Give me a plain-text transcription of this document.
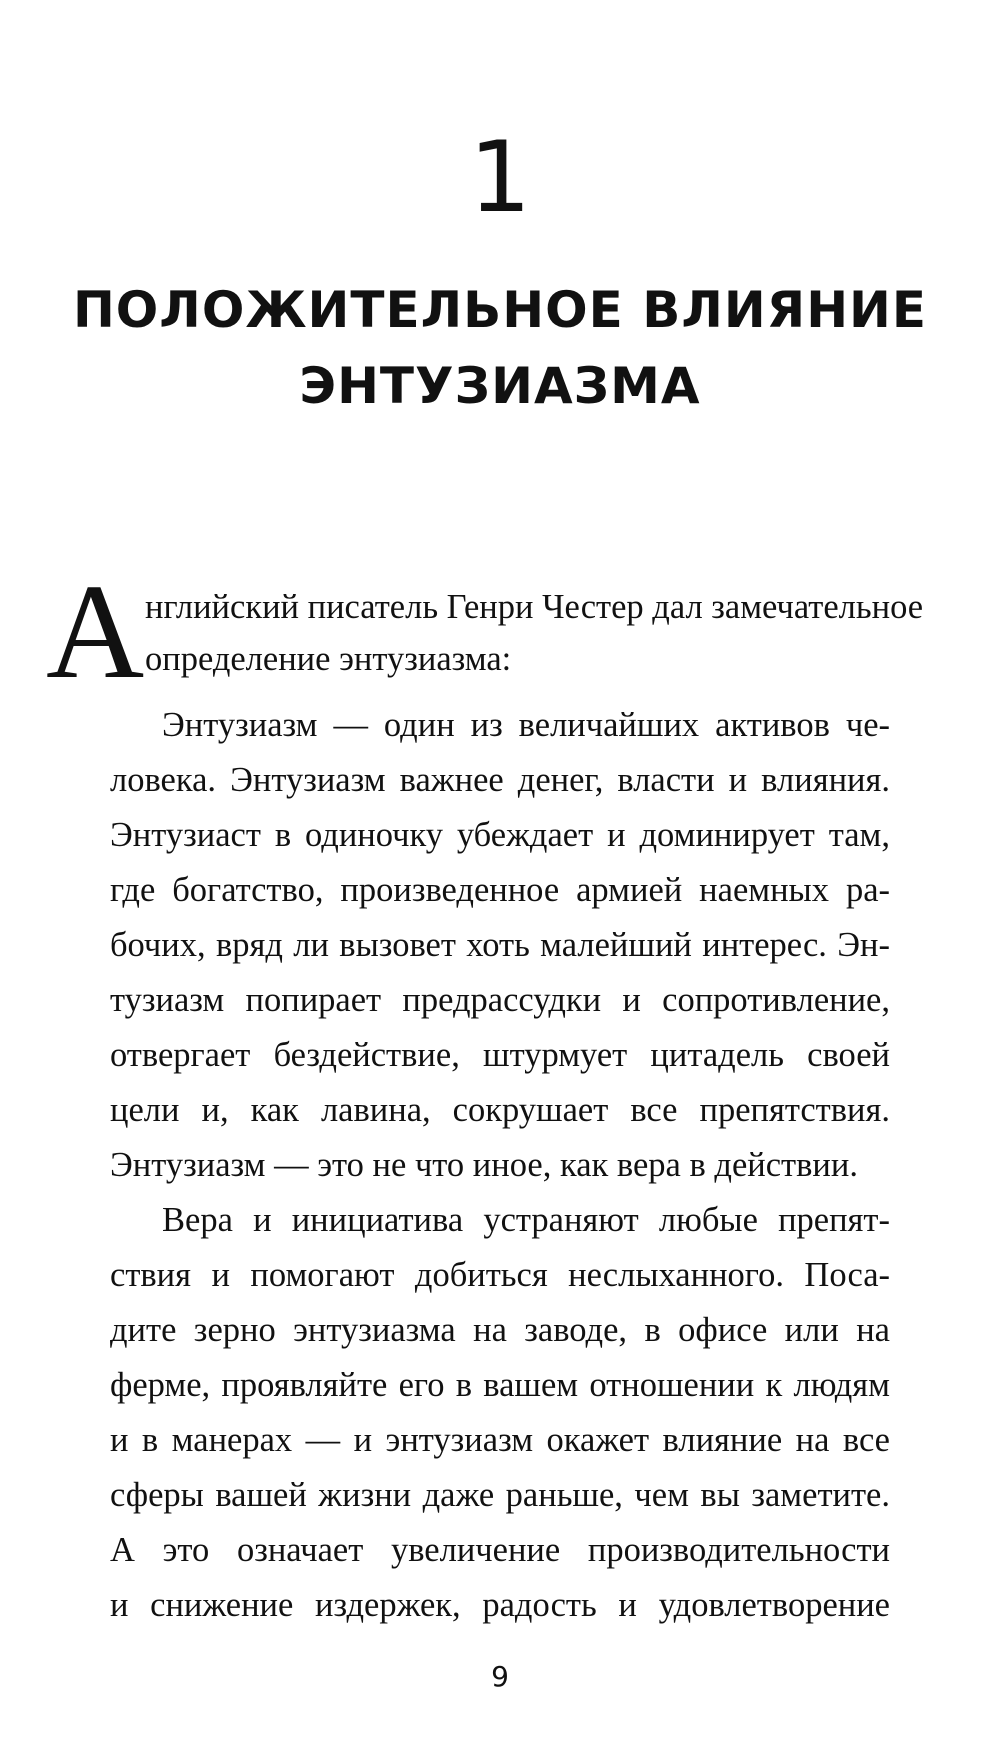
1
ПОЛОЖИТЕЛЬНОЕ ВЛИЯНИЕ
ЭНТУЗИАЗМА
А нглийский писатель Генри Честер дал замечательное
определение энтузиазма:
Энтузиазм — один из величайших активов че-
ловека. Энтузиазм важнее денег, власти и влияния.
Энтузиаст в одиночку убеждает и доминирует там,
где богатство, произведенное армией наемных ра-
бочих, вряд ли вызовет хоть малейший интерес. Эн-
тузиазм попирает предрассудки и сопротивление,
отвергает бездействие, штурмует цитадель своей
цели и, как лавина, сокрушает все препятствия.
Энтузиазм — это не что иное, как вера в действии.
Вера и инициатива устраняют любые препят-
ствия и помогают добиться неслыханного. Поса-
дите зерно энтузиазма на заводе, в офисе или на
ферме, проявляйте его в вашем отношении к людям
и в манерах — и энтузиазм окажет влияние на все
сферы вашей жизни даже раньше, чем вы заметите.
А это означает увеличение производительности
и снижение издержек, радость и удовлетворение
9
